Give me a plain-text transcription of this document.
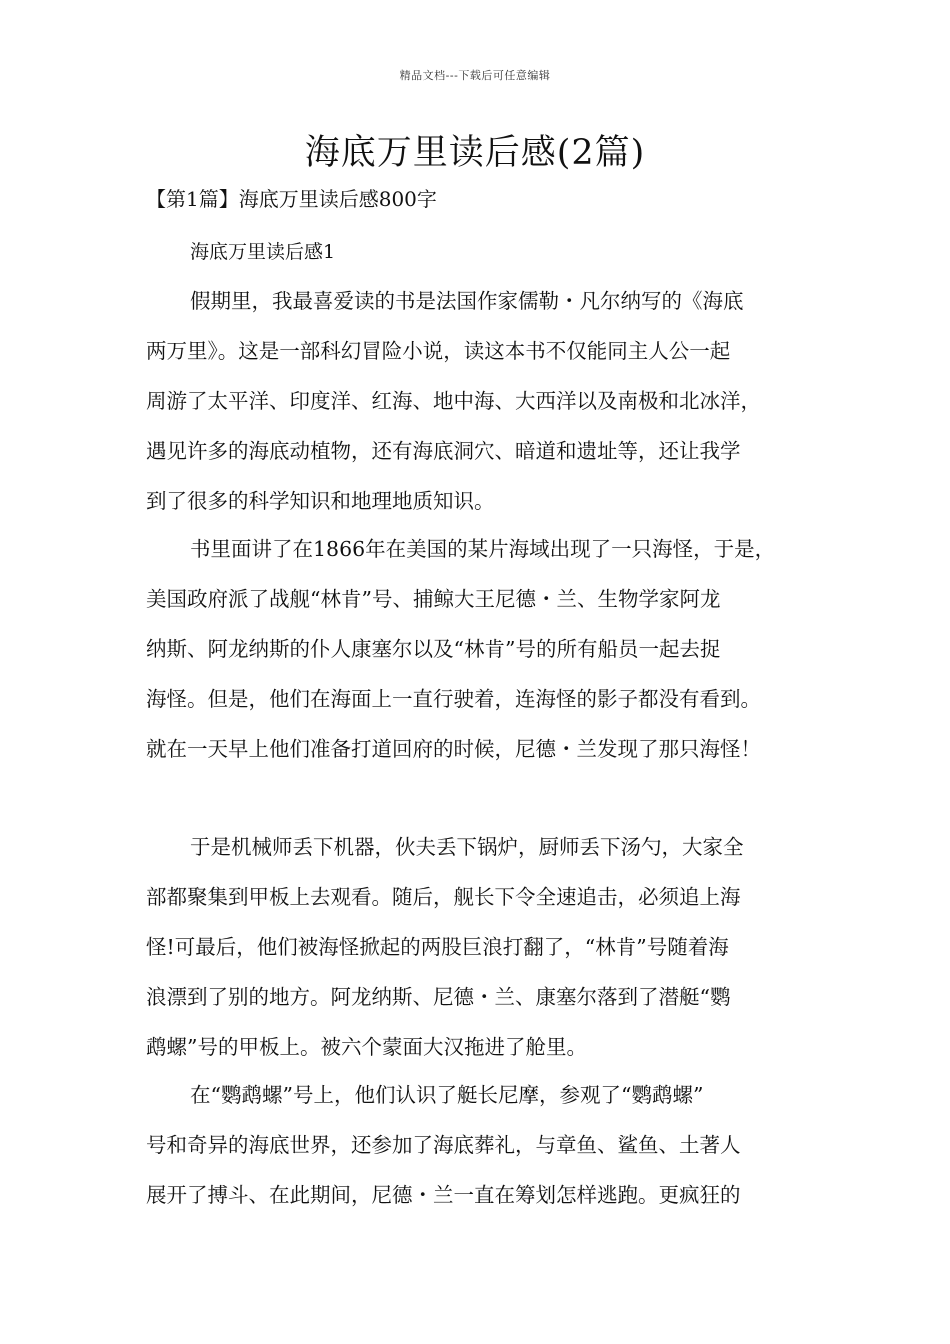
精品文档---下载后可任意编辑
海底万里读后感(2篇)
【第1篇】海底万里读后感800字
海底万里读后感1

假期里，我最喜爱读的书是法国作家儒勒・凡尔纳写的《海底
两万里》。这是一部科幻冒险小说，读这本书不仅能同主人公一起
周游了太平洋、印度洋、红海、地中海、大西洋以及南极和北冰洋，
遇见许多的海底动植物，还有海底洞穴、暗道和遗址等，还让我学
到了很多的科学知识和地理地质知识。

书里面讲了在1866年在美国的某片海域出现了一只海怪，于是，
美国政府派了战舰“林肯”号、捕鲸大王尼德・兰、生物学家阿龙
纳斯、阿龙纳斯的仆人康塞尔以及“林肯”号的所有船员一起去捉
海怪。但是，他们在海面上一直行驶着，连海怪的影子都没有看到。
就在一天早上他们准备打道回府的时候，尼德・兰发现了那只海怪！

于是机械师丢下机器，伙夫丢下锅炉，厨师丢下汤勺，大家全
部都聚集到甲板上去观看。随后，舰长下令全速追击，必须追上海
怪!可最后，他们被海怪掀起的两股巨浪打翻了，“林肯”号随着海
浪漂到了别的地方。阿龙纳斯、尼德・兰、康塞尔落到了潜艇“鹦
鹉螺”号的甲板上。被六个蒙面大汉拖进了舱里。

在“鹦鹉螺”号上，他们认识了艇长尼摩，参观了“鹦鹉螺”
号和奇异的海底世界，还参加了海底葬礼，与章鱼、鲨鱼、土著人
展开了搏斗、在此期间，尼德・兰一直在筹划怎样逃跑。更疯狂的
